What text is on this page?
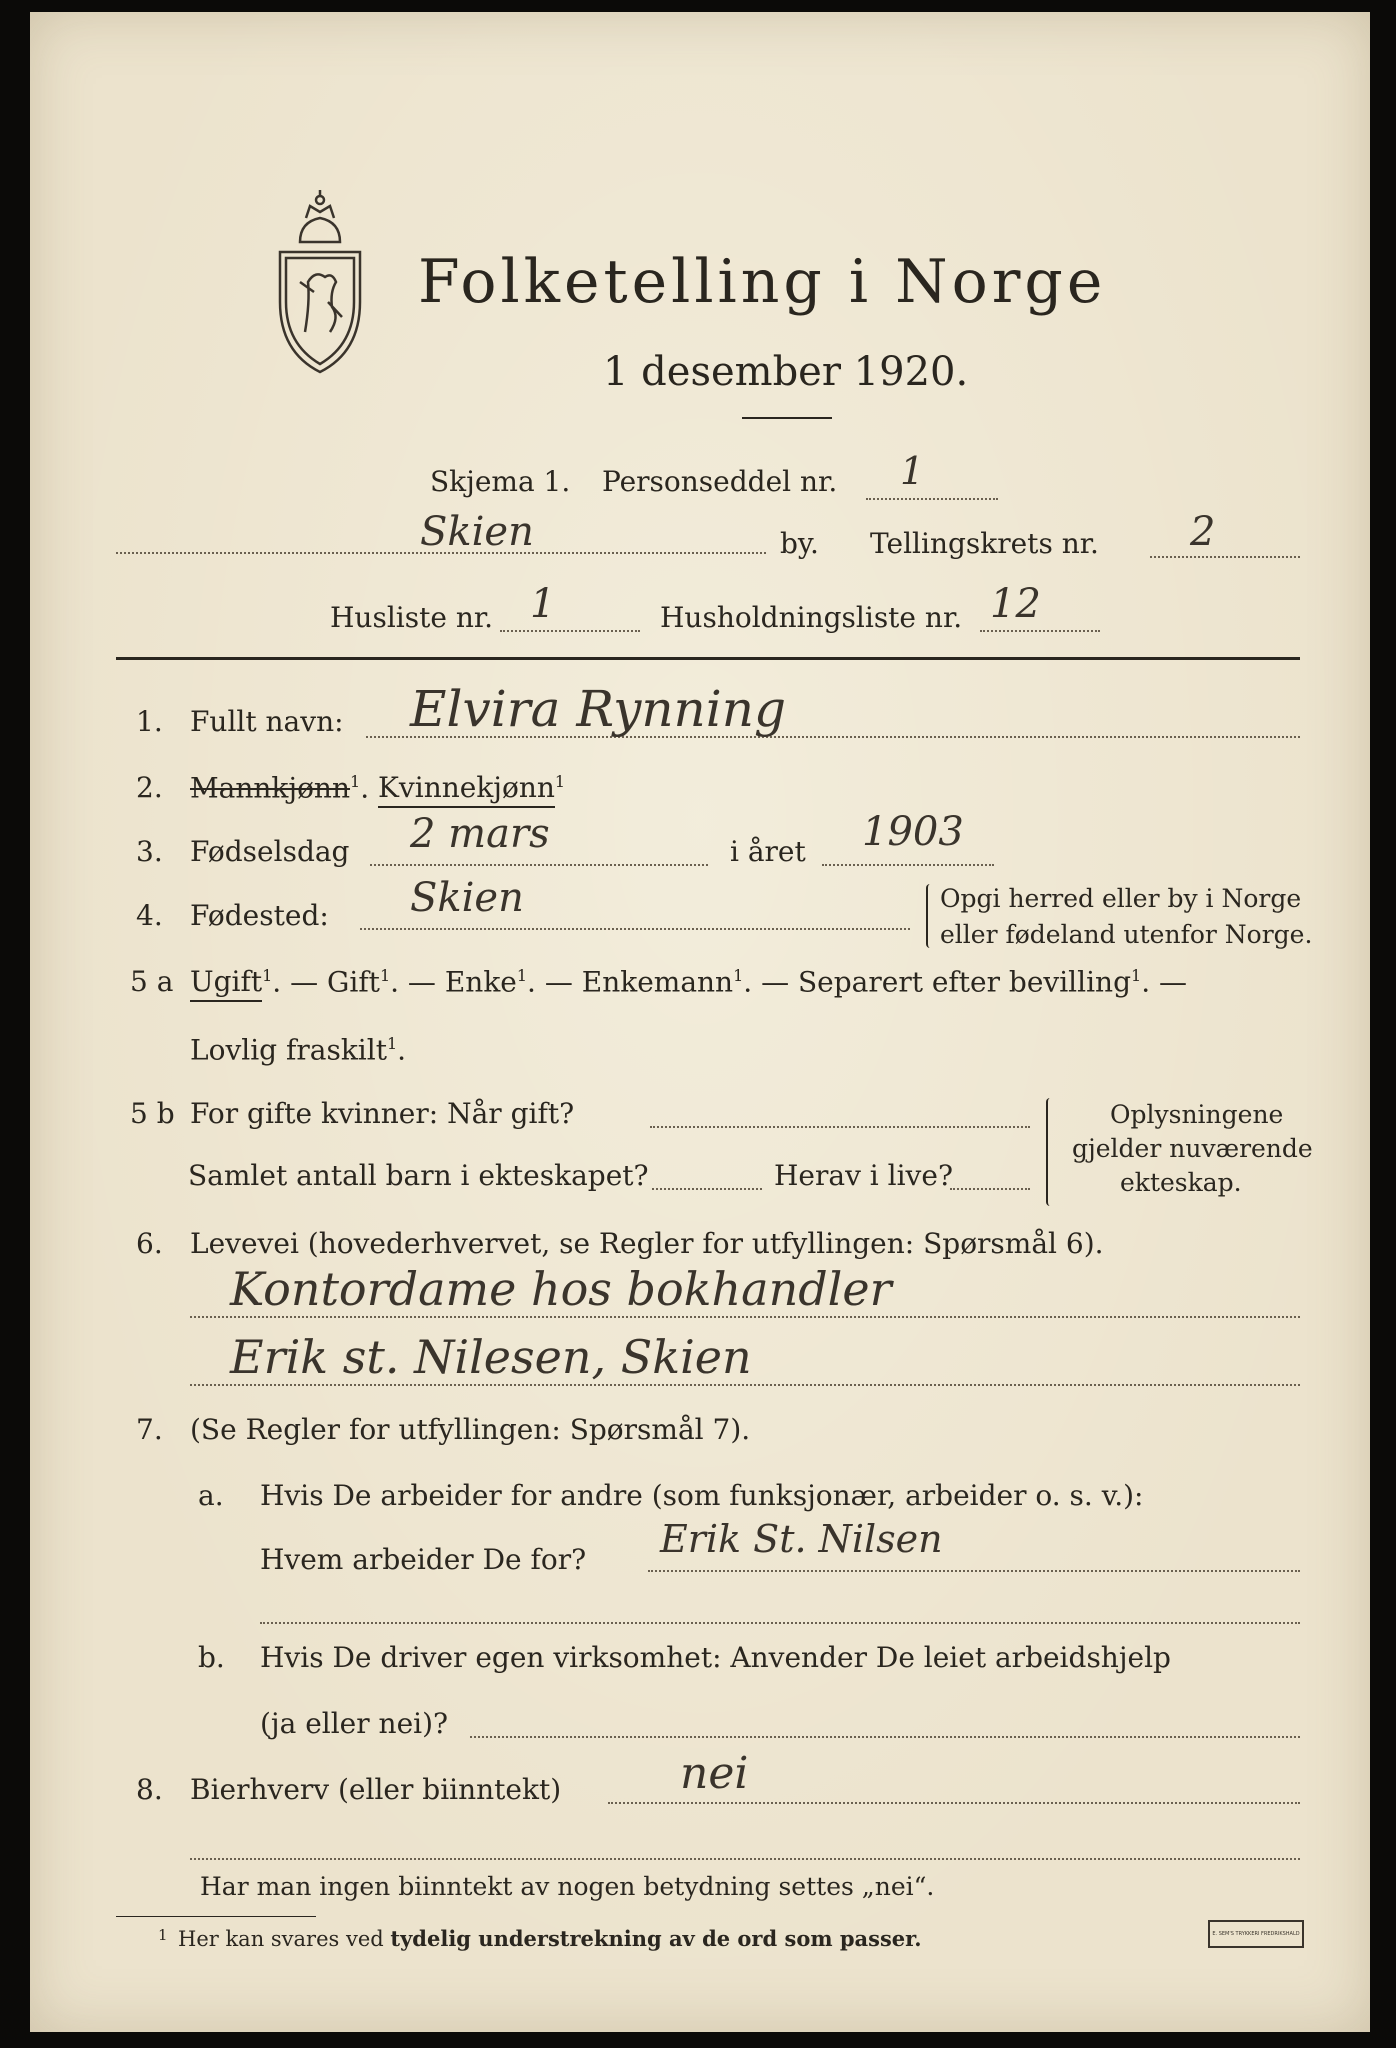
Folketelling i Norge
1 desember 1920.
Skjema 1. Personseddel nr. 1
Skien	by. Tellingskrets nr. 2
Husliste nr. 1	Husholdningsliste nr. 12
1. Fullt navn: Elvira Rynning
2. Mannkjønn$^1$. Kvinnekjønn$^1$
3. Fødselsdag 2 mars	i året 1903
4. Fødested: Skien	Opgi herred eller by i Norge
eller fødeland utenfor Norge.
5 a Ugift$^1$. — Gift$^1$. — Enke$^1$. — Enkemann$^1$. — Separert efter bevilling$^1$. —
Lovlig fraskilt$^1$.
5 b For gifte kvinner: Når gift?
Samlet antall barn i ekteskapet?	Herav i live?
Oplysningene
gjelder nuværende
ekteskap.
6. Levevei (hovederhvervet, se Regler for utfyllingen: Spørsmål 6).
Kontordame hos bokhandler
Erik st. Nilesen, Skien
7. (Se Regler for utfyllingen: Spørsmål 7).
a. Hvis De arbeider for andre (som funksjonær, arbeider o. s. v.):
Hvem arbeider De for? Erik St. Nilsen
b. Hvis De driver egen virksomhet: Anvender De leiet arbeidshjelp
(ja eller nei)?
8. Bierhverv (eller biinntekt)	nei
Har man ingen biinntekt av nogen betydning settes „nei“.
1 Her kan svares ved tydelig understrekning av de ord som passer.	E. SEM'S TRYKKERI FREDRIKSHALD
